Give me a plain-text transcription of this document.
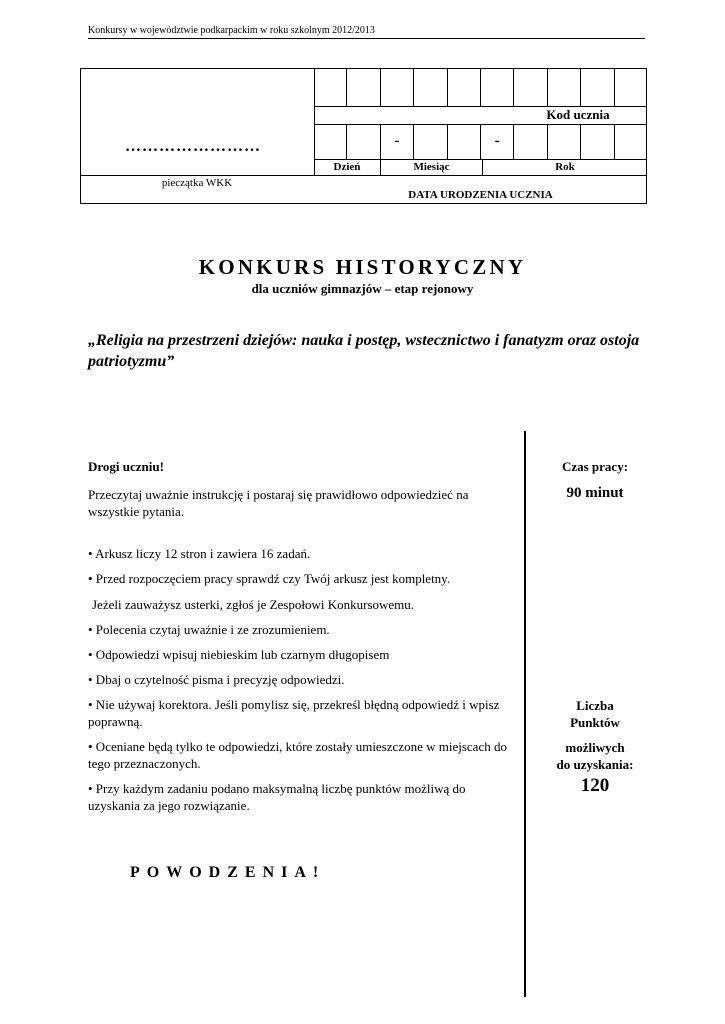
Konkursy w województwie podkarpackim w roku szkolnym 2012/2013
……………………
pieczątka WKK
Kod ucznia
-	-
Dzień	Miesiąc	Rok
DATA URODZENIA UCZNIA
KONKURS HISTORYCZNY
dla uczniów gimnazjów – etap rejonowy
„Religia na przestrzeni dziejów: nauka i postęp, wstecznictwo i fanatyzm oraz ostoja patriotyzmu”
Drogi uczniu!
Przeczytaj uważnie instrukcję i postaraj się prawidłowo odpowiedzieć na wszystkie pytania.
• Arkusz liczy 12 stron i zawiera 16 zadań.
• Przed rozpoczęciem pracy sprawdź czy Twój arkusz jest kompletny.
Jeżeli zauważysz usterki, zgłoś je Zespołowi Konkursowemu.
• Polecenia czytaj uważnie i ze zrozumieniem.
• Odpowiedzi wpisuj niebieskim lub czarnym długopisem
• Dbaj o czytelność pisma i precyzję odpowiedzi.
• Nie używaj korektora. Jeśli pomylisz się, przekreśl błędną odpowiedź i wpisz poprawną.
• Oceniane będą tylko te odpowiedzi, które zostały umieszczone w miejscach do tego przeznaczonych.
• Przy każdym zadaniu podano maksymalną liczbę punktów możliwą do uzyskania za jego rozwiązanie.
Czas pracy:
90 minut
Liczba
Punktów
możliwych
do uzyskania:
120
POWODZENIA!
